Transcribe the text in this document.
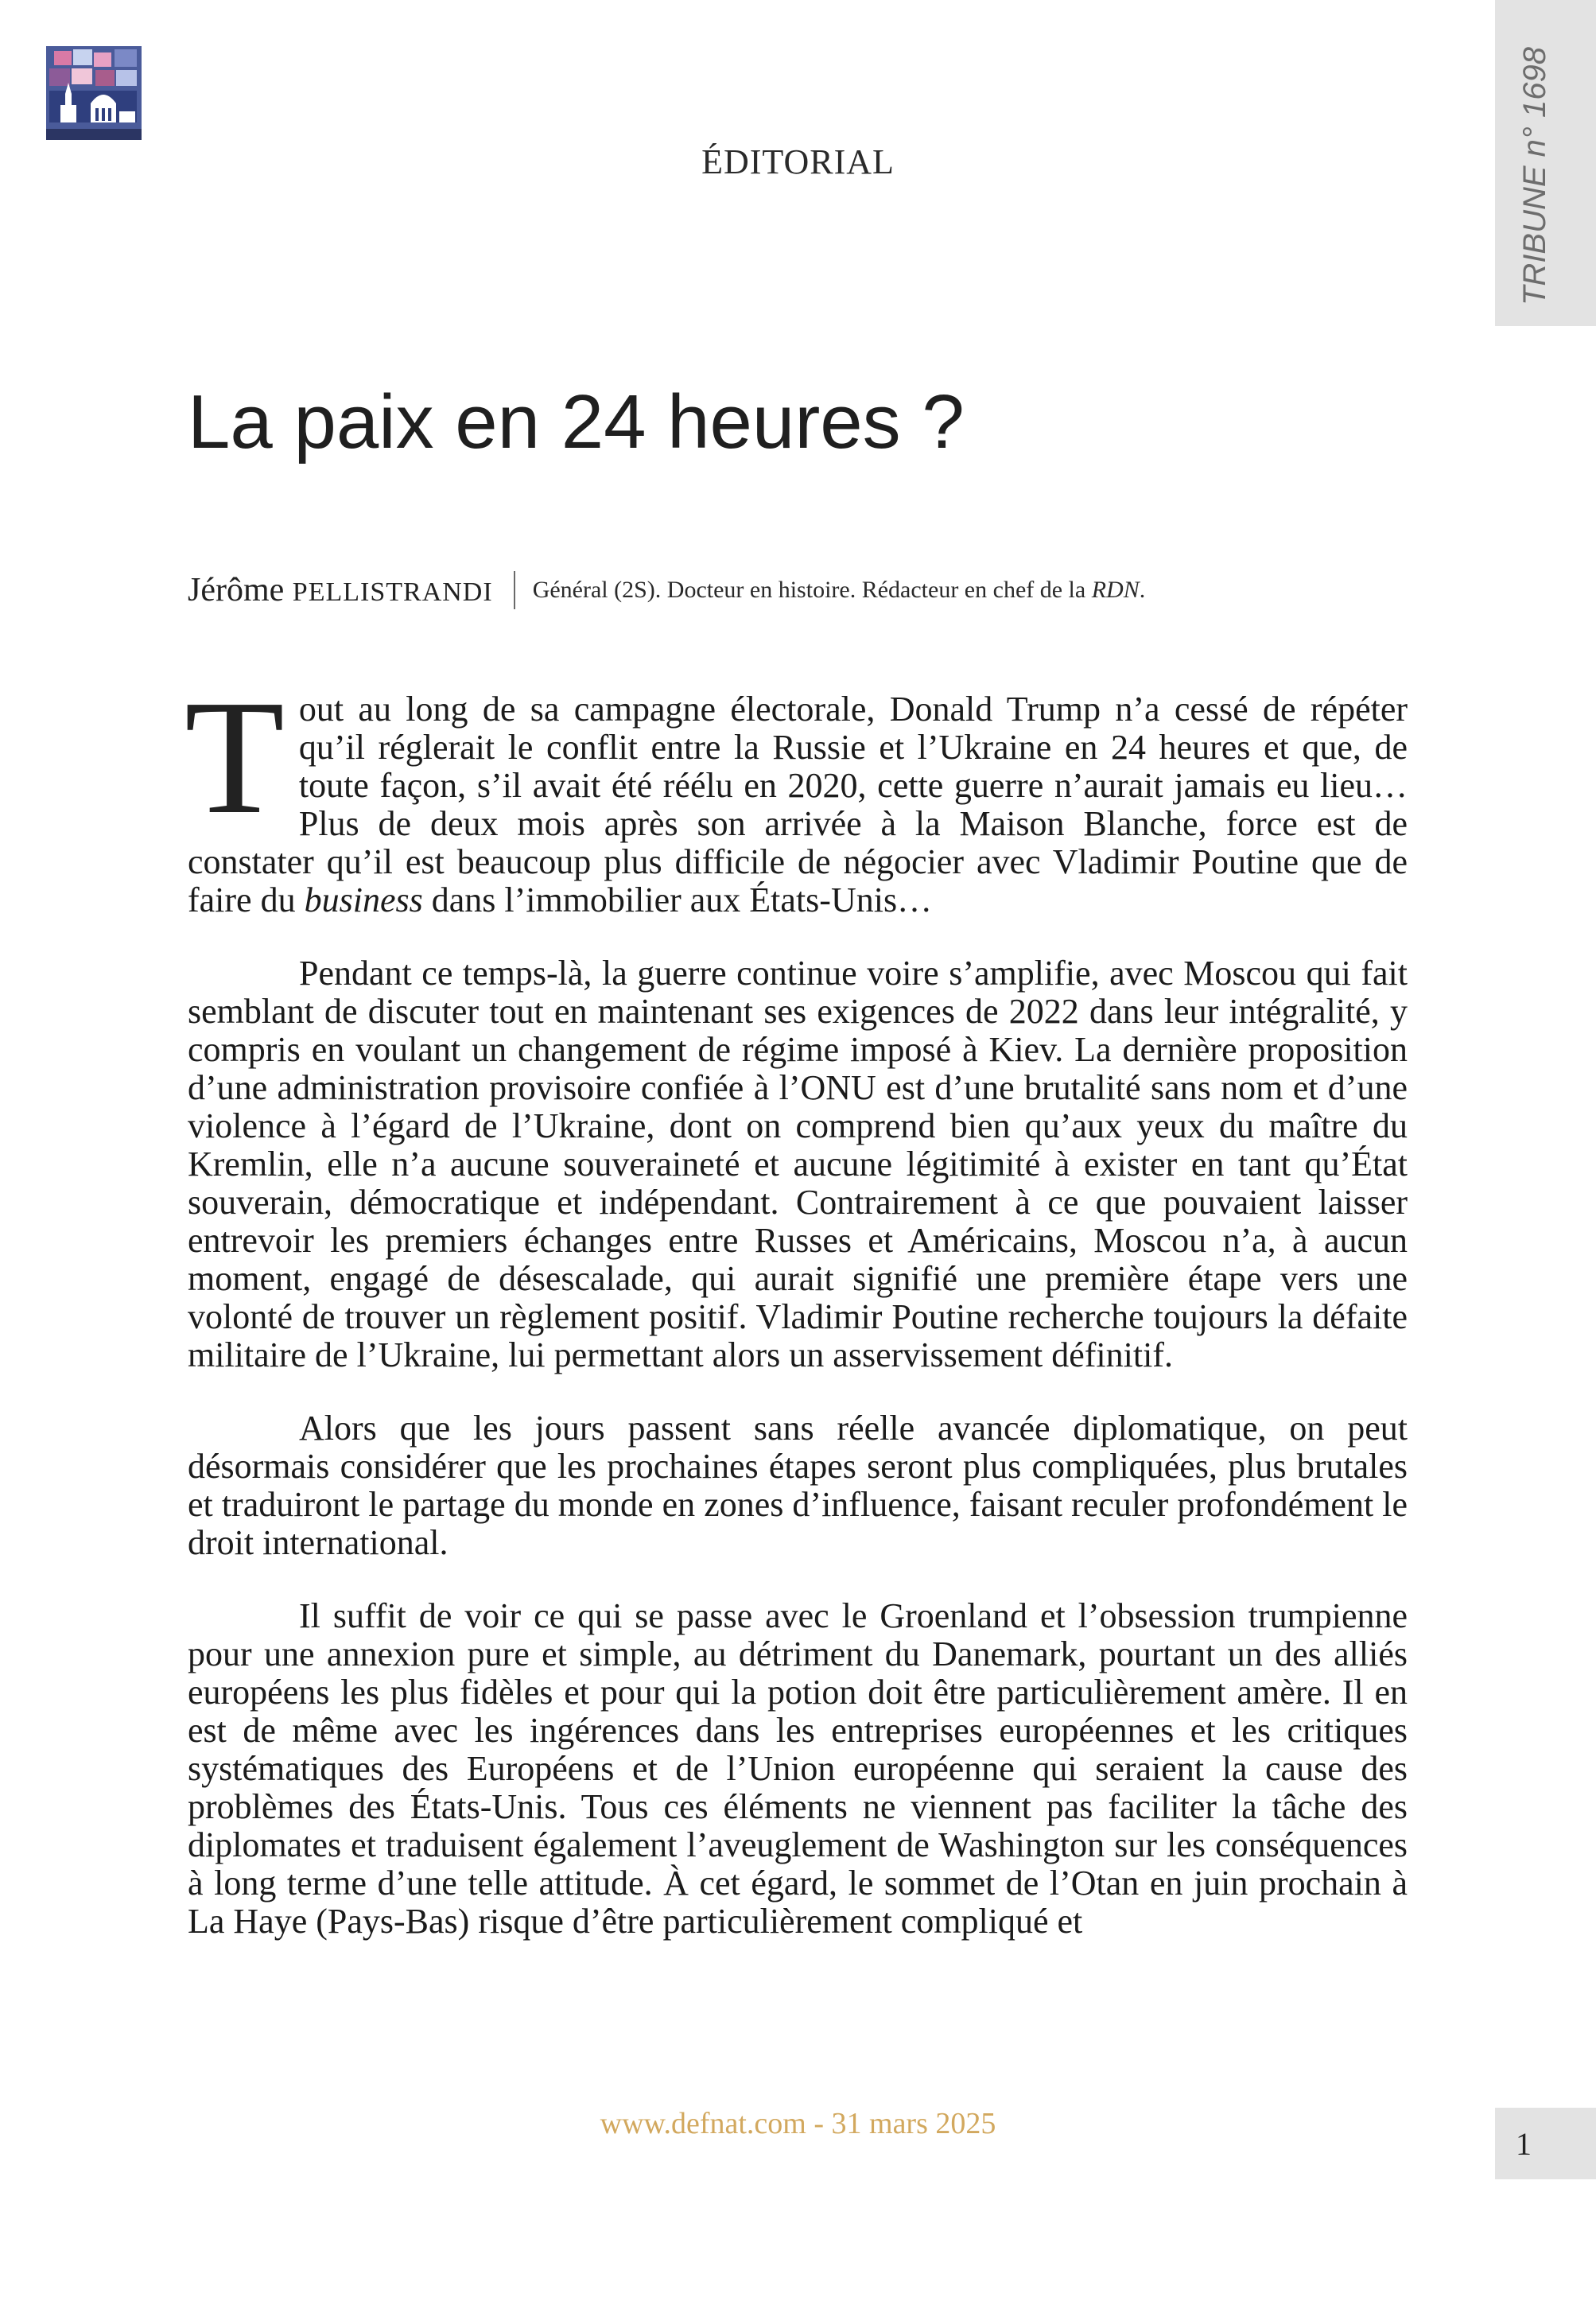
ÉDITORIAL	TRIBUNE n° 1698
La paix en 24 heures ?
Jérôme PELLISTRANDI Général (2S). Docteur en histoire. Rédacteur en chef de la RDN.

Tout au long de sa campagne électorale, Donald Trump n’a cessé de répéter qu’il réglerait le conflit entre la Russie et l’Ukraine en 24 heures et que, de toute façon, s’il avait été réélu en 2020, cette guerre n’aurait jamais eu lieu… Plus de deux mois après son arrivée à la Maison Blanche, force est de constater qu’il est beaucoup plus difficile de négocier avec Vladimir Poutine que de faire du business dans l’immobilier aux États-Unis…

Pendant ce temps-là, la guerre continue voire s’amplifie, avec Moscou qui fait semblant de discuter tout en maintenant ses exigences de 2022 dans leur intégralité, y compris en voulant un changement de régime imposé à Kiev. La dernière proposition d’une administration provisoire confiée à l’ONU est d’une brutalité sans nom et d’une violence à l’égard de l’Ukraine, dont on comprend bien qu’aux yeux du maître du Kremlin, elle n’a aucune souveraineté et aucune légitimité à exister en tant qu’État souverain, démocratique et indépendant. Contrairement à ce que pouvaient laisser entrevoir les premiers échanges entre Russes et Américains, Moscou n’a, à aucun moment, engagé de désescalade, qui aurait signifié une première étape vers une volonté de trouver un règlement positif. Vladimir Poutine recherche toujours la défaite militaire de l’Ukraine, lui permettant alors un asservissement définitif.

Alors que les jours passent sans réelle avancée diplomatique, on peut désormais considérer que les prochaines étapes seront plus compliquées, plus brutales et traduiront le partage du monde en zones d’influence, faisant reculer profondément le droit international.

Il suffit de voir ce qui se passe avec le Groenland et l’obsession trumpienne pour une annexion pure et simple, au détriment du Danemark, pourtant un des alliés européens les plus fidèles et pour qui la potion doit être particulièrement amère. Il en est de même avec les ingérences dans les entreprises européennes et les critiques systématiques des Européens et de l’Union européenne qui seraient la cause des problèmes des États-Unis. Tous ces éléments ne viennent pas faciliter la tâche des diplomates et traduisent également l’aveuglement de Washington sur les conséquences à long terme d’une telle attitude. À cet égard, le sommet de l’Otan en juin prochain à La Haye (Pays-Bas) risque d’être particulièrement compliqué et

www.defnat.com - 31 mars 2025
1
